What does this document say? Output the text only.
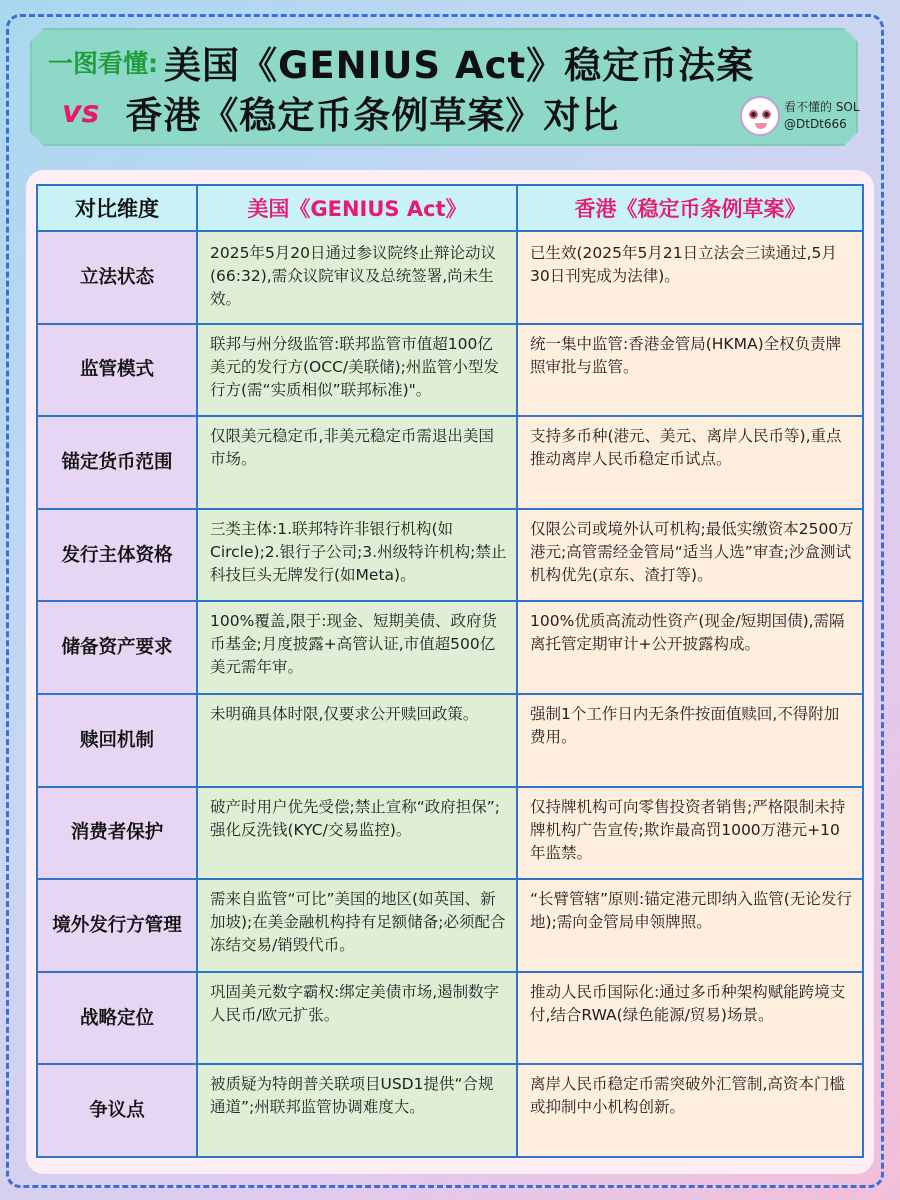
一图看懂: 美国《GENIUS Act》稳定币法案
vs 香港《稳定币条例草案》对比	看不懂的 SOL
@DtDt666
对比维度	美国《GENIUS Act》	香港《稳定币条例草案》
立法状态	2025年5月20日通过参议院终止辩论动议(66:32),需众议院审议及总统签署,尚未生效。	已生效(2025年5月21日立法会三读通过,5月30日刊宪成为法律)。
监管模式	联邦与州分级监管:联邦监管市值超100亿美元的发行方(OCC/美联储);州监管小型发行方(需“实质相似”联邦标准)"。	统一集中监管:香港金管局(HKMA)全权负责牌照审批与监管。
锚定货币范围	仅限美元稳定币,非美元稳定币需退出美国市场。	支持多币种(港元、美元、离岸人民币等),重点推动离岸人民币稳定币试点。
发行主体资格	三类主体:1.联邦特许非银行机构(如Circle);2.银行子公司;3.州级特许机构;禁止科技巨头无牌发行(如Meta)。	仅限公司或境外认可机构;最低实缴资本2500万港元;高管需经金管局“适当人选”审查;沙盒测试机构优先(京东、渣打等)。
储备资产要求	100%覆盖,限于:现金、短期美债、政府货币基金;月度披露+高管认证,市值超500亿美元需年审。	100%优质高流动性资产(现金/短期国债),需隔离托管定期审计+公开披露构成。
赎回机制	未明确具体时限,仅要求公开赎回政策。	强制1个工作日内无条件按面值赎回,不得附加费用。
消费者保护	破产时用户优先受偿;禁止宣称“政府担保”;强化反洗钱(KYC/交易监控)。	仅持牌机构可向零售投资者销售;严格限制未持牌机构广告宣传;欺诈最高罚1000万港元+10年监禁。
境外发行方管理	需来自监管“可比”美国的地区(如英国、新加坡);在美金融机构持有足额储备;必须配合冻结交易/销毁代币。	“长臂管辖”原则:锚定港元即纳入监管(无论发行地);需向金管局申领牌照。
战略定位	巩固美元数字霸权:绑定美债市场,遏制数字人民币/欧元扩张。	推动人民币国际化:通过多币种架构赋能跨境支付,结合RWA(绿色能源/贸易)场景。
争议点	被质疑为特朗普关联项目USD1提供“合规通道”;州联邦监管协调难度大。	离岸人民币稳定币需突破外汇管制,高资本门槛或抑制中小机构创新。
